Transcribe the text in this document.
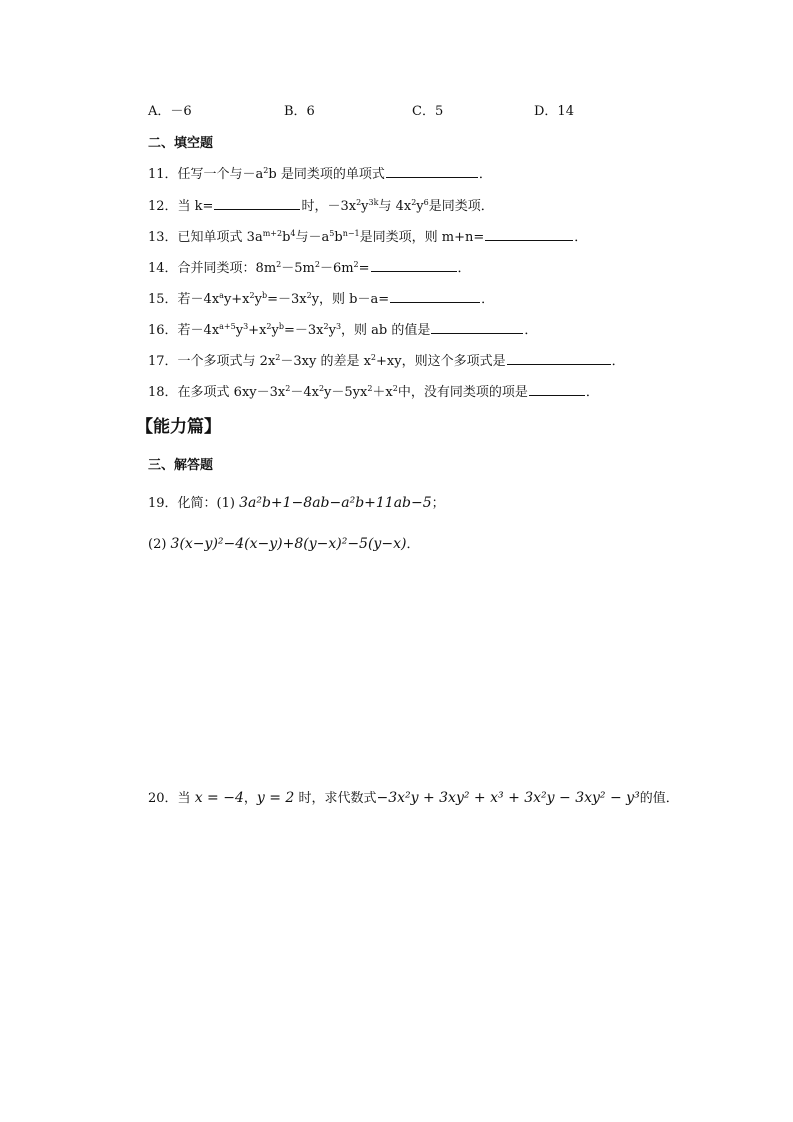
A．－6	B．6	C．5	D．14
二、填空题
11．任写一个与$-a^2b$ 是同类项的单项式	．
12．当 k=	时，$-3x^2y^{3k}$与 $4x^2y^6$是同类项．
13．已知单项式 $3a^{m+2}b^4$与$-a^5b^{n-1}$是同类项，则 m+n=	．
14．合并同类项：$8m^2-5m^2-6m^2=$	．
15．若$-4x^ay+x^2y^b=-3x^2y$，则 b－a=	．
16．若$-4x^{a+5}y^3+x^2y^b=-3x^2y^3$，则 ab 的值是	．
17．一个多项式与 $2x^2-3xy$ 的差是 $x^2+xy$，则这个多项式是	．
18．在多项式 $6xy-3x^2-4x^2y-5yx^2+x^2$中，没有同类项的项是	．
【能力篇】
三、解答题
19．化简：(1) 3a²b+1−8ab−a²b+11ab−5；
(2) 3(x−y)²−4(x−y)+8(y−x)²−5(y−x)．
20．当 x = −4，y = 2 时，求代数式−3x²y + 3xy² + x³ + 3x²y − 3xy² − y³的值．
